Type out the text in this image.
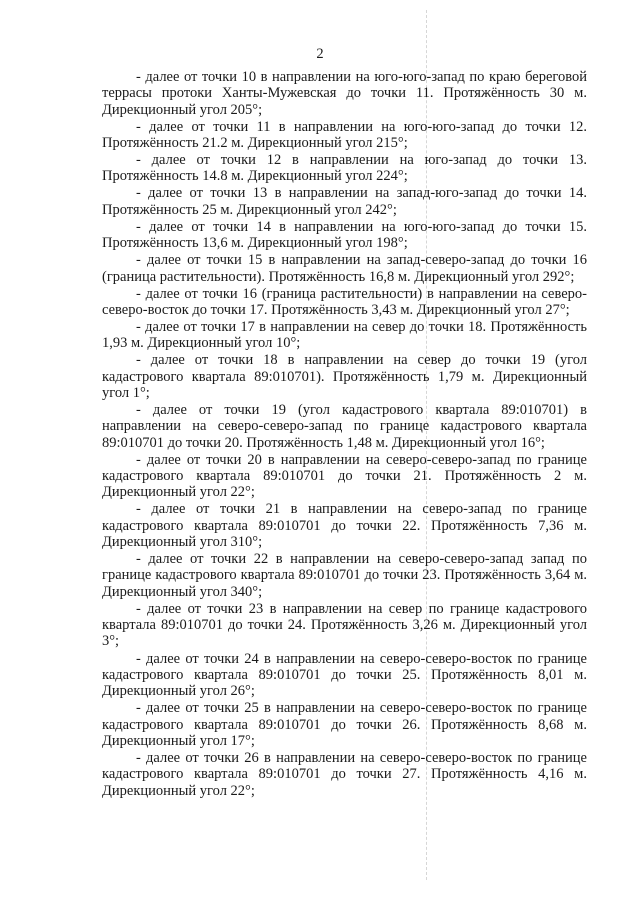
2

- далее от точки 10 в направлении на юго-юго-запад по краю береговой террасы протоки Ханты-Мужевская до точки 11. Протяжённость 30 м. Дирекционный угол 205°;

- далее от точки 11 в направлении на юго-юго-запад до точки 12. Протяжённость 21.2 м. Дирекционный угол 215°;

- далее от точки 12 в направлении на юго-запад до точки 13. Протяжённость 14.8 м. Дирекционный угол 224°;

- далее от точки 13 в направлении на запад-юго-запад до точки 14. Протяжённость 25 м. Дирекционный угол 242°;

- далее от точки 14 в направлении на юго-юго-запад до точки 15. Протяжённость 13,6 м. Дирекционный угол 198°;

- далее от точки 15 в направлении на запад-северо-запад до точки 16 (граница растительности). Протяжённость 16,8 м. Дирекционный угол 292°;

- далее от точки 16 (граница растительности) в направлении на северо-северо-восток до точки 17. Протяжённость 3,43 м. Дирекционный угол 27°;

- далее от точки 17 в направлении на север до точки 18. Протяжённость 1,93 м. Дирекционный угол 10°;

- далее от точки 18 в направлении на север до точки 19 (угол кадастрового квартала 89:010701). Протяжённость 1,79 м. Дирекционный угол 1°;

- далее от точки 19 (угол кадастрового квартала 89:010701) в направлении на северо-северо-запад по границе кадастрового квартала 89:010701 до точки 20. Протяжённость 1,48 м. Дирекционный угол 16°;

- далее от точки 20 в направлении на северо-северо-запад по границе кадастрового квартала 89:010701 до точки 21. Протяжённость 2 м. Дирекционный угол 22°;

- далее от точки 21 в направлении на северо-запад по границе кадастрового квартала 89:010701 до точки 22. Протяжённость 7,36 м. Дирекционный угол 310°;

- далее от точки 22 в направлении на северо-северо-запад запад по границе кадастрового квартала 89:010701 до точки 23. Протяжённость 3,64 м. Дирекционный угол 340°;

- далее от точки 23 в направлении на север по границе кадастрового квартала 89:010701 до точки 24. Протяжённость 3,26 м. Дирекционный угол 3°;

- далее от точки 24 в направлении на северо-северо-восток по границе кадастрового квартала 89:010701 до точки 25. Протяжённость 8,01 м. Дирекционный угол 26°;

- далее от точки 25 в направлении на северо-северо-восток по границе кадастрового квартала 89:010701 до точки 26. Протяжённость 8,68 м. Дирекционный угол 17°;

- далее от точки 26 в направлении на северо-северо-восток по границе кадастрового квартала 89:010701 до точки 27. Протяжённость 4,16 м. Дирекционный угол 22°;
